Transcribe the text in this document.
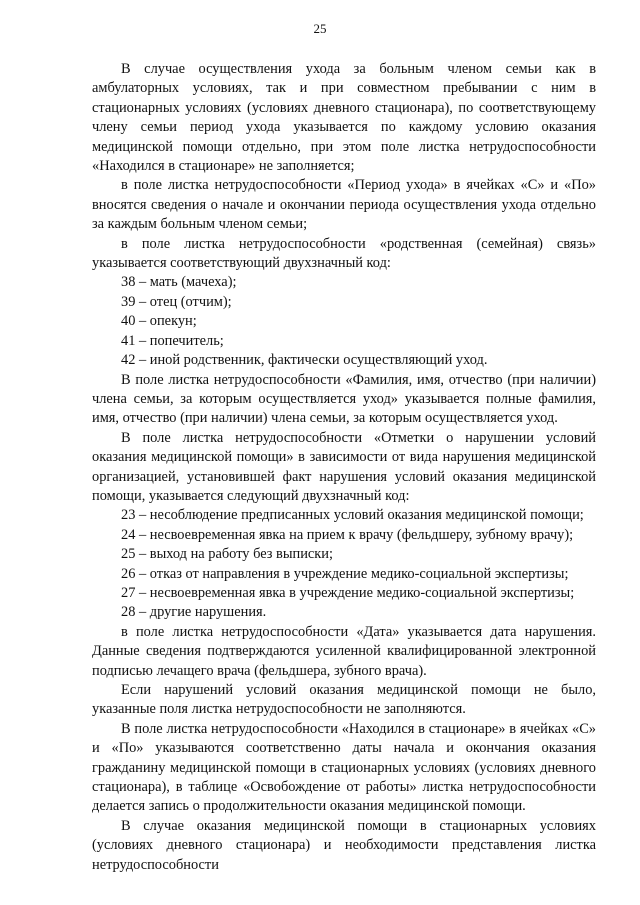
25

В случае осуществления ухода за больным членом семьи как в амбулаторных условиях, так и при совместном пребывании с ним в стационарных условиях (условиях дневного стационара), по соответствующему члену семьи период ухода указывается по каждому условию оказания медицинской помощи отдельно, при этом поле листка нетрудоспособности «Находился в стационаре» не заполняется;

в поле листка нетрудоспособности «Период ухода» в ячейках «С» и «По» вносятся сведения о начале и окончании периода осуществления ухода отдельно за каждым больным членом семьи;

в поле листка нетрудоспособности «родственная (семейная) связь» указывается соответствующий двухзначный код:

38 – мать (мачеха);

39 – отец (отчим);

40 – опекун;

41 – попечитель;

42 – иной родственник, фактически осуществляющий уход.

В поле листка нетрудоспособности «Фамилия, имя, отчество (при наличии) члена семьи, за которым осуществляется уход» указывается полные фамилия, имя, отчество (при наличии) члена семьи, за которым осуществляется уход.

В поле листка нетрудоспособности «Отметки о нарушении условий оказания медицинской помощи» в зависимости от вида нарушения медицинской организацией, установившей факт нарушения условий оказания медицинской помощи, указывается следующий двухзначный код:

23 – несоблюдение предписанных условий оказания медицинской помощи;

24 – несвоевременная явка на прием к врачу (фельдшеру, зубному врачу);

25 – выход на работу без выписки;

26 – отказ от направления в учреждение медико-социальной экспертизы;

27 – несвоевременная явка в учреждение медико-социальной экспертизы;

28 – другие нарушения.

в поле листка нетрудоспособности «Дата» указывается дата нарушения. Данные сведения подтверждаются усиленной квалифицированной электронной подписью лечащего врача (фельдшера, зубного врача).

Если нарушений условий оказания медицинской помощи не было, указанные поля листка нетрудоспособности не заполняются.

В поле листка нетрудоспособности «Находился в стационаре» в ячейках «С» и «По» указываются соответственно даты начала и окончания оказания гражданину медицинской помощи в стационарных условиях (условиях дневного стационара), в таблице «Освобождение от работы» листка нетрудоспособности делается запись о продолжительности оказания медицинской помощи.

В случае оказания медицинской помощи в стационарных условиях (условиях дневного стационара) и необходимости представления листка нетрудоспособности
